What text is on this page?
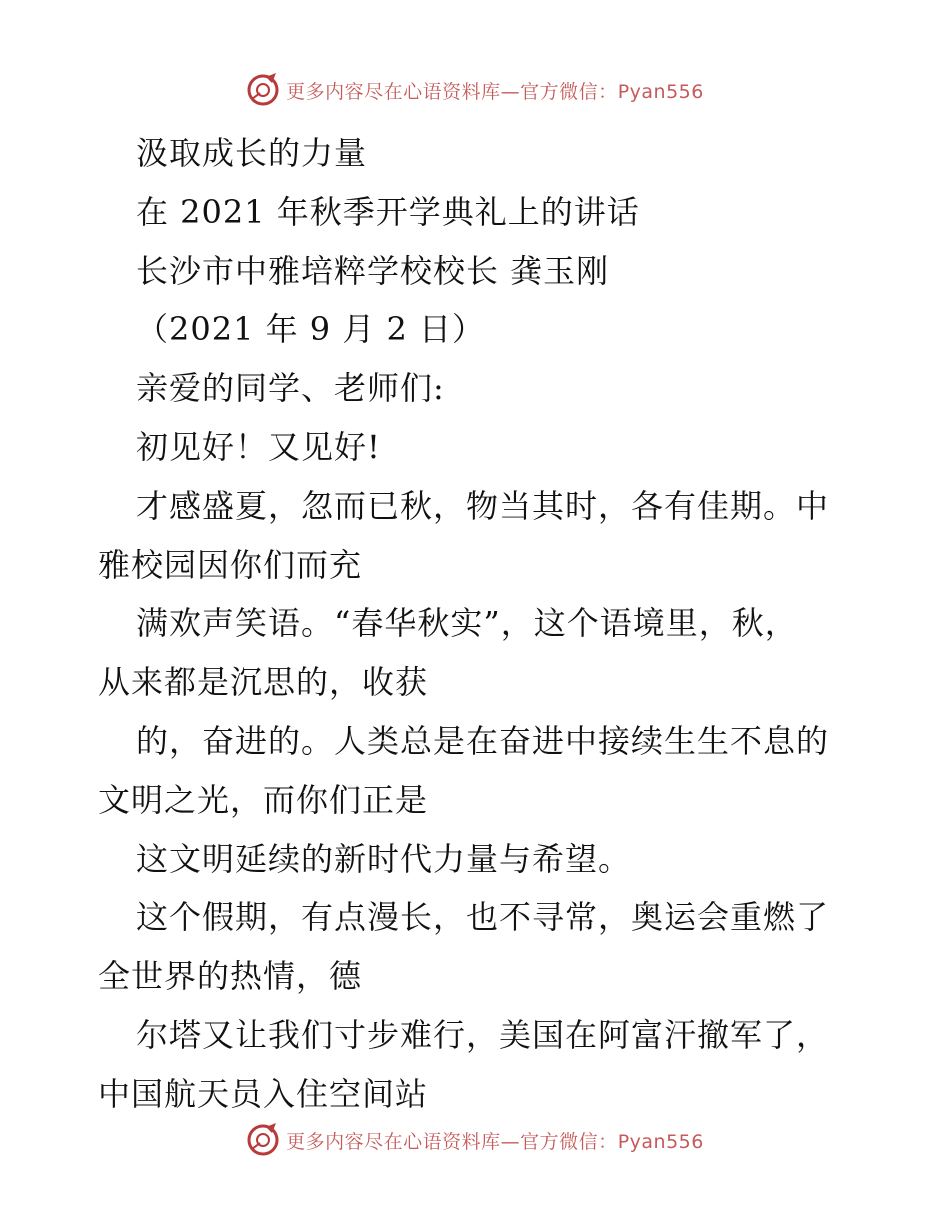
更多内容尽在心语资料库—官方微信：Pyan556
汲取成长的力量
在 2021 年秋季开学典礼上的讲话
长沙市中雅培粹学校校长 龚玉刚
（2021 年 9 月 2 日）
亲爱的同学、老师们:
初见好！又见好!
才感盛夏，忽而已秋，物当其时，各有佳期。中
雅校园因你们而充
满欢声笑语。“春华秋实”，这个语境里，秋，
从来都是沉思的，收获
的，奋进的。人类总是在奋进中接续生生不息的
文明之光，而你们正是
这文明延续的新时代力量与希望。
这个假期，有点漫长，也不寻常，奥运会重燃了
全世界的热情，德
尔塔又让我们寸步难行，美国在阿富汗撤军了，
中国航天员入住空间站
更多内容尽在心语资料库—官方微信：Pyan556
